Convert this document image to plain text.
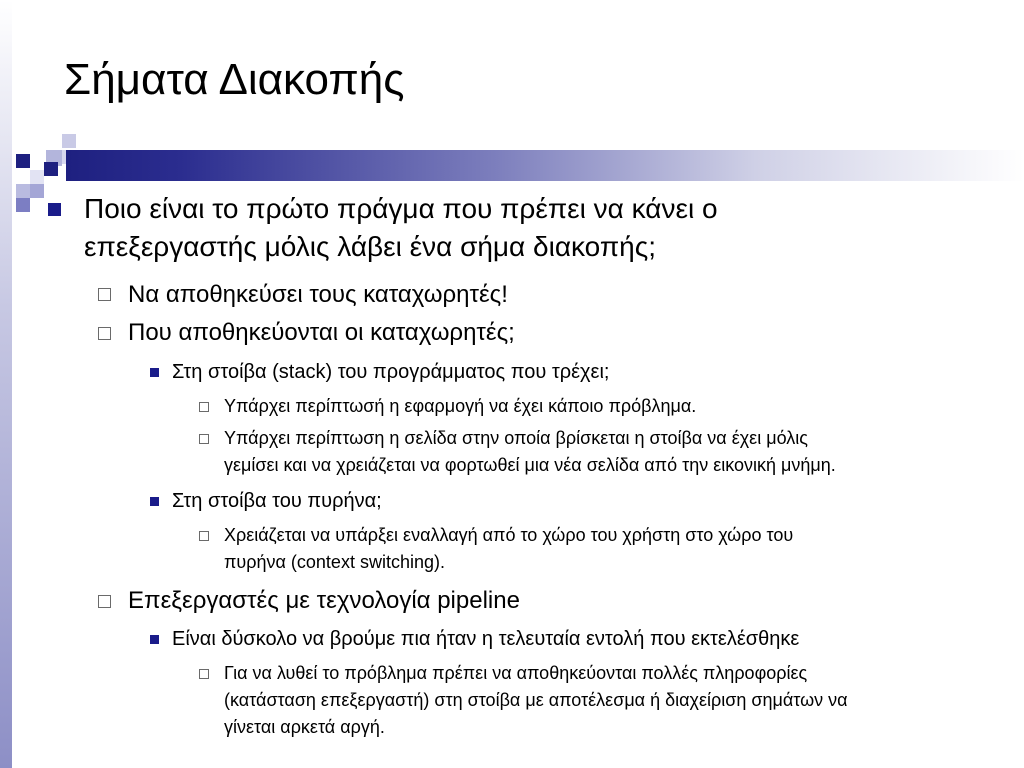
Σήματα Διακοπής
Ποιο είναι το πρώτο πράγμα που πρέπει να κάνει ο
επεξεργαστής μόλις λάβει ένα σήμα διακοπής;
Να αποθηκεύσει τους καταχωρητές!
Που αποθηκεύονται οι καταχωρητές;
Στη στοίβα (stack) του προγράμματος που τρέχει;
Υπάρχει περίπτωσή η εφαρμογή να έχει κάποιο πρόβλημα.
Υπάρχει περίπτωση η σελίδα στην οποία βρίσκεται η στοίβα να έχει μόλις
γεμίσει και να χρειάζεται να φορτωθεί μια νέα σελίδα από την εικονική μνήμη.
Στη στοίβα του πυρήνα;
Χρειάζεται να υπάρξει εναλλαγή από το χώρο του χρήστη στο χώρο του
πυρήνα (context switching).
Επεξεργαστές με τεχνολογία pipeline
Είναι δύσκολο να βρούμε πια ήταν η τελευταία εντολή που εκτελέσθηκε
Για να λυθεί το πρόβλημα πρέπει να αποθηκεύονται πολλές πληροφορίες
(κατάσταση επεξεργαστή) στη στοίβα με αποτέλεσμα ή διαχείριση σημάτων να
γίνεται αρκετά αργή.
